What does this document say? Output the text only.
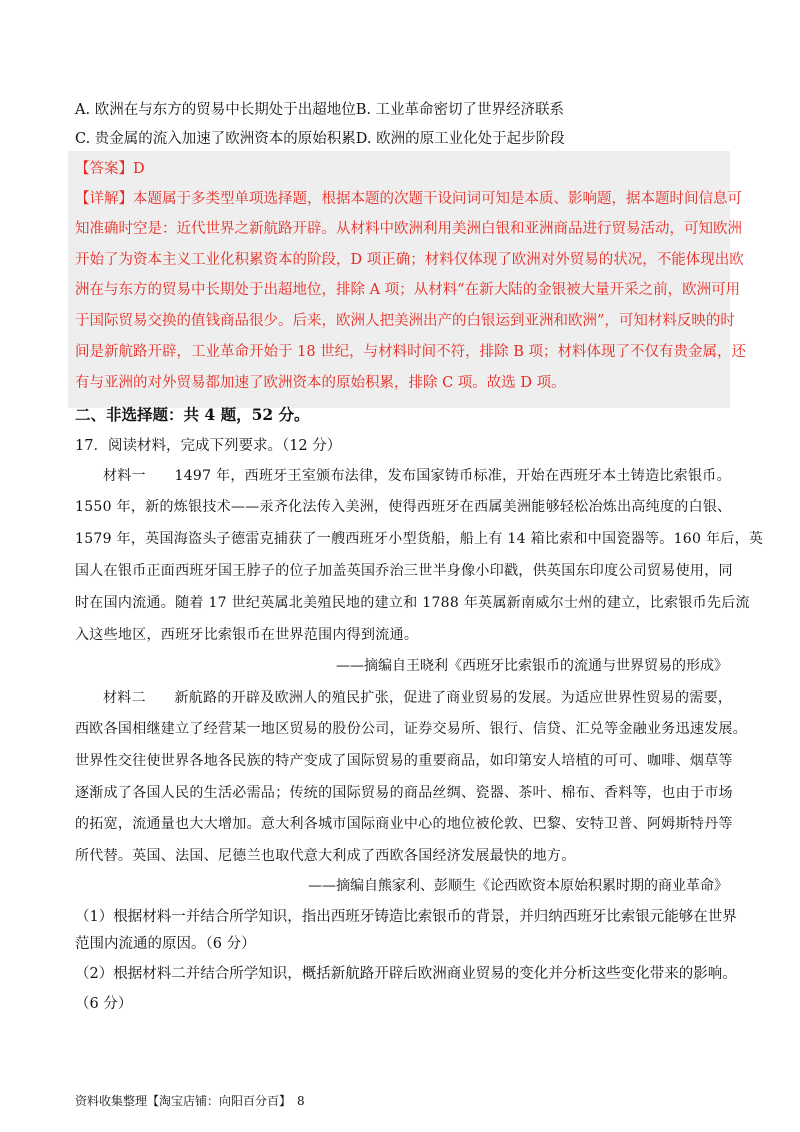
A. 欧洲在与东方的贸易中长期处于出超地位B. 工业革命密切了世界经济联系
C. 贵金属的流入加速了欧洲资本的原始积累D. 欧洲的原工业化处于起步阶段
【答案】D
【详解】本题属于多类型单项选择题，根据本题的次题干设问词可知是本质、影响题，据本题时间信息可
知准确时空是：近代世界之新航路开辟。从材料中欧洲利用美洲白银和亚洲商品进行贸易活动，可知欧洲
开始了为资本主义工业化积累资本的阶段，D 项正确；材料仅体现了欧洲对外贸易的状况，不能体现出欧
洲在与东方的贸易中长期处于出超地位，排除 A 项；从材料“在新大陆的金银被大量开采之前，欧洲可用
于国际贸易交换的值钱商品很少。后来，欧洲人把美洲出产的白银运到亚洲和欧洲”，可知材料反映的时
间是新航路开辟，工业革命开始于 18 世纪，与材料时间不符，排除 B 项；材料体现了不仅有贵金属，还
有与亚洲的对外贸易都加速了欧洲资本的原始积累，排除 C 项。故选 D 项。
二、非选择题：共 4 题，52 分。
17．阅读材料，完成下列要求。（12 分）
材料一　　1497 年，西班牙王室颁布法律，发布国家铸币标准，开始在西班牙本土铸造比索银币。
1550 年，新的炼银技术——汞齐化法传入美洲，使得西班牙在西属美洲能够轻松冶炼出高纯度的白银、
1579 年，英国海盗头子德雷克捕获了一艘西班牙小型货船，船上有 14 箱比索和中国瓷器等。160 年后，英
国人在银币正面西班牙国王脖子的位子加盖英国乔治三世半身像小印戳，供英国东印度公司贸易使用，同
时在国内流通。随着 17 世纪英属北美殖民地的建立和 1788 年英属新南威尔士州的建立，比索银币先后流
入这些地区，西班牙比索银币在世界范围内得到流通。
——摘编自王晓利《西班牙比索银币的流通与世界贸易的形成》
材料二　　新航路的开辟及欧洲人的殖民扩张，促进了商业贸易的发展。为适应世界性贸易的需要，
西欧各国相继建立了经营某一地区贸易的股份公司，证券交易所、银行、信贷、汇兑等金融业务迅速发展。
世界性交往使世界各地各民族的特产变成了国际贸易的重要商品，如印第安人培植的可可、咖啡、烟草等
逐渐成了各国人民的生活必需品；传统的国际贸易的商品丝绸、瓷器、茶叶、棉布、香料等，也由于市场
的拓宽，流通量也大大增加。意大利各城市国际商业中心的地位被伦敦、巴黎、安特卫普、阿姆斯特丹等
所代替。英国、法国、尼德兰也取代意大利成了西欧各国经济发展最快的地方。
——摘编自熊家利、彭顺生《论西欧资本原始积累时期的商业革命》
（1）根据材料一并结合所学知识，指出西班牙铸造比索银币的背景，并归纳西班牙比索银元能够在世界
范围内流通的原因。（6 分）
（2）根据材料二并结合所学知识，概括新航路开辟后欧洲商业贸易的变化并分析这些变化带来的影响。
（6 分）
资料收集整理【淘宝店铺：向阳百分百】　8
